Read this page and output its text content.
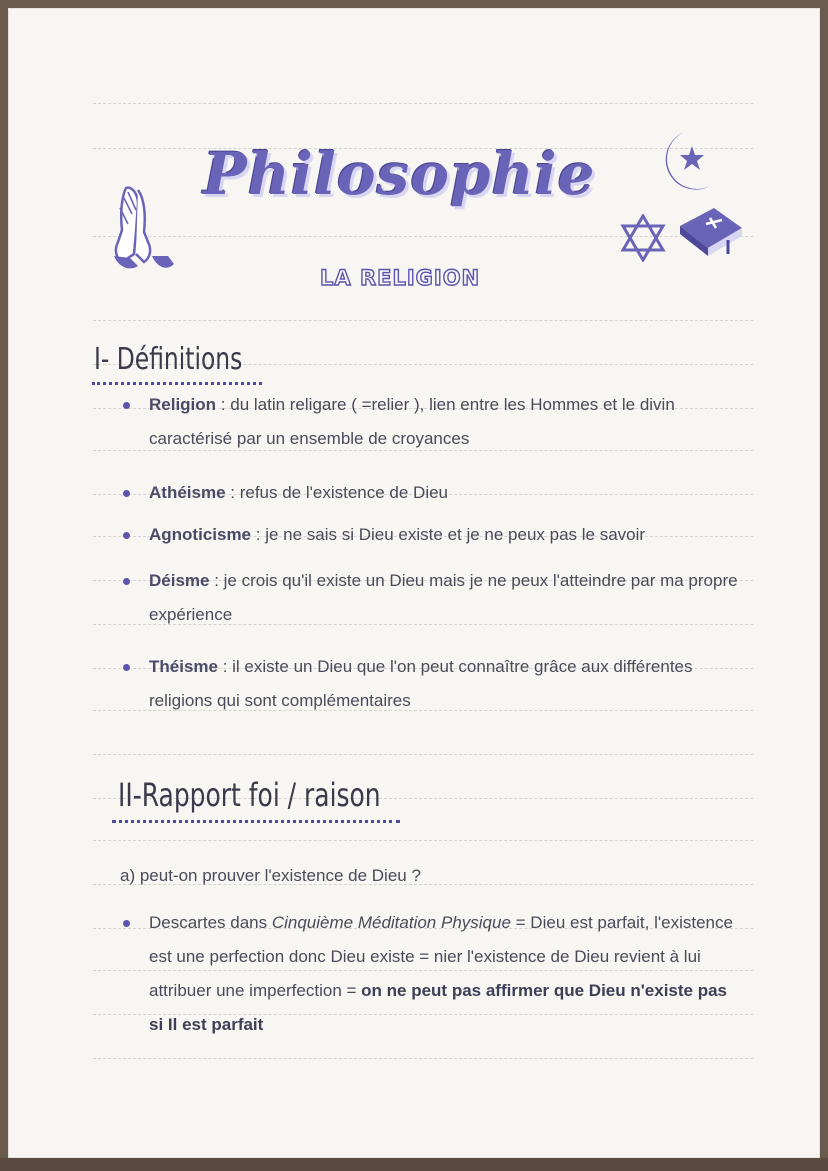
Philosophie
LA RELIGION
I- Définitions
Religion : du latin religare ( =relier ), lien entre les Hommes et le divin caractérisé par un ensemble de croyances
Athéisme : refus de l'existence de Dieu
Agnoticisme : je ne sais si Dieu existe et je ne peux pas le savoir
Déisme : je crois qu'il existe un Dieu mais je ne peux l'atteindre par ma propre expérience
Théisme : il existe un Dieu que l'on peut connaître grâce aux différentes religions qui sont complémentaires
II-Rapport foi / raison
a) peut-on prouver l'existence de Dieu ?
Descartes dans Cinquième Méditation Physique = Dieu est parfait, l'existence est une perfection donc Dieu existe = nier l'existence de Dieu revient à lui attribuer une imperfection = on ne peut pas affirmer que Dieu n'existe pas si Il est parfait
